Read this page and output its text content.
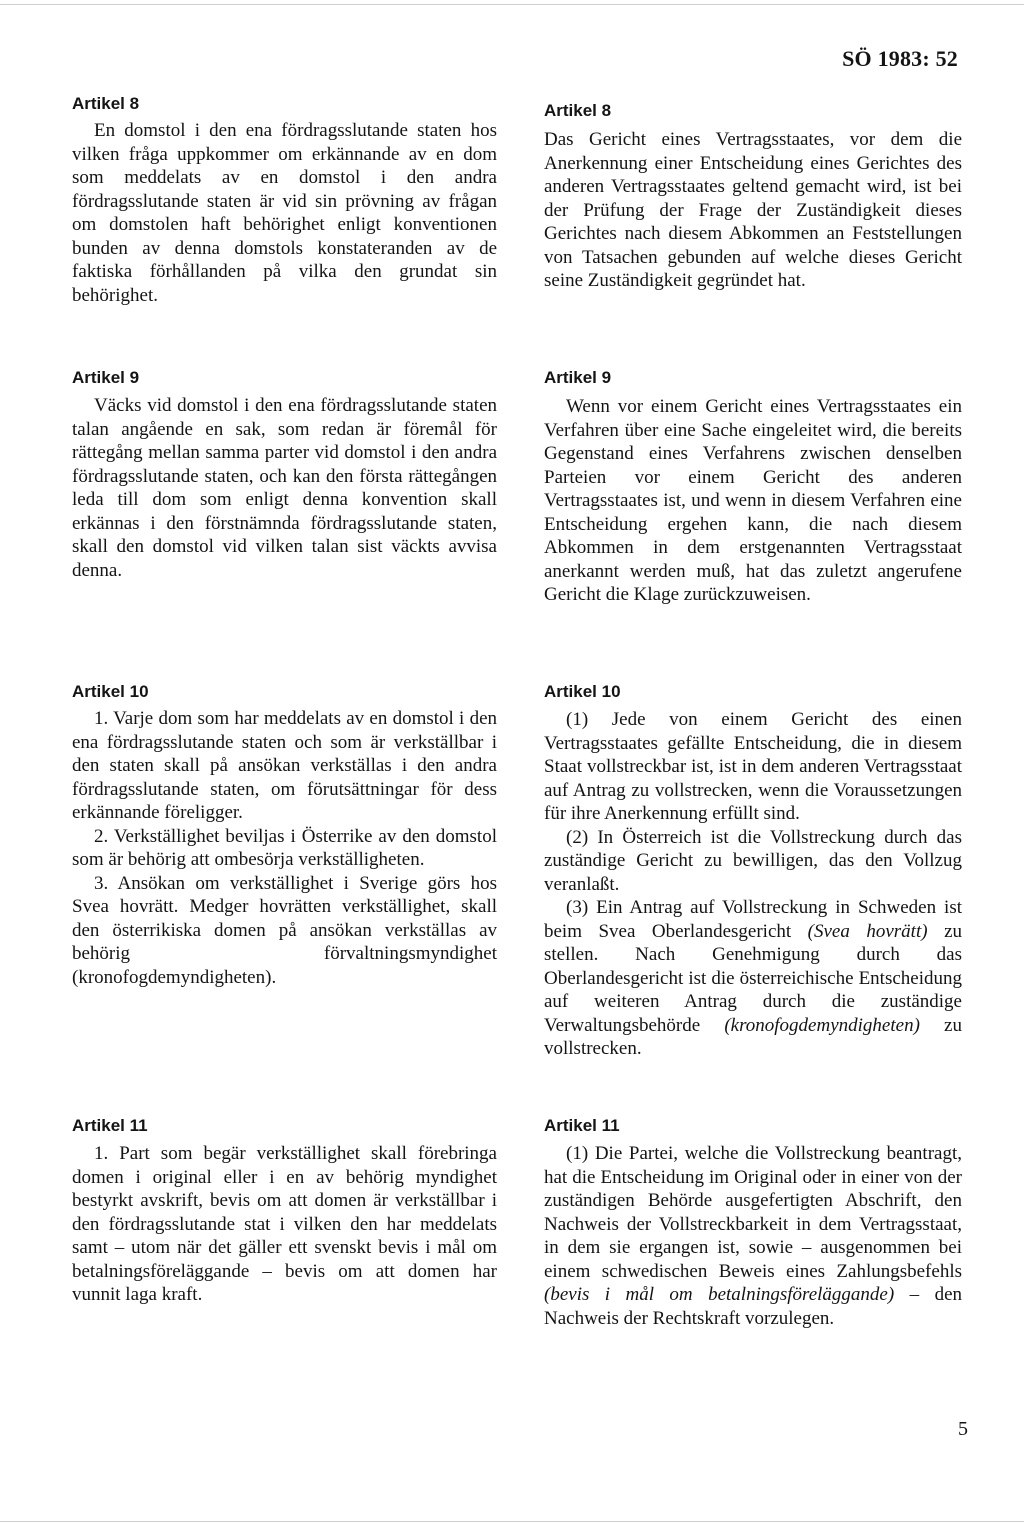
SÖ 1983: 52
Artikel 8

En domstol i den ena fördragsslutande staten hos vilken fråga uppkommer om erkännande av en dom som meddelats av en domstol i den andra fördragsslutande staten är vid sin prövning av frågan om domstolen haft behörighet enligt konventionen bunden av denna domstols konstateranden av de faktiska förhållanden på vilka den grundat sin behörighet.

Artikel 9

Väcks vid domstol i den ena fördragsslutande staten talan angående en sak, som redan är föremål för rättegång mellan samma parter vid domstol i den andra fördragsslutande staten, och kan den första rättegången leda till dom som enligt denna konvention skall erkännas i den förstnämnda fördragsslutande staten, skall den domstol vid vilken talan sist väckts avvisa denna.

Artikel 10
1. Varje dom som har meddelats av en domstol i den ena fördragsslutande staten och som är verkställbar i den staten skall på ansökan verkställas i den andra fördragsslutande staten, om förutsättningar för dess erkännande föreligger.
2. Verkställighet beviljas i Österrike av den domstol som är behörig att ombesörja verkställigheten.
3. Ansökan om verkställighet i Sverige görs hos Svea hovrätt. Medger hovrätten verkställighet, skall den österrikiska domen på ansökan verkställas av behörig förvaltningsmyndighet (kronofogdemyndigheten).
Artikel 11

1. Part som begär verkställighet skall förebringa domen i original eller i en av behörig myndighet bestyrkt avskrift, bevis om att domen är verkställbar i den fördragsslutande stat i vilken den har meddelats samt – utom när det gäller ett svenskt bevis i mål om betalningsföreläggande – bevis om att domen har vunnit laga kraft.

Artikel 8

Das Gericht eines Vertragsstaates, vor dem die Anerkennung einer Entscheidung eines Gerichtes des anderen Vertragsstaates geltend gemacht wird, ist bei der Prüfung der Frage der Zuständigkeit dieses Gerichtes nach diesem Abkommen an Feststellungen von Tatsachen gebunden auf welche dieses Gericht seine Zuständigkeit gegründet hat.

Artikel 9

Wenn vor einem Gericht eines Vertragsstaates ein Verfahren über eine Sache eingeleitet wird, die bereits Gegenstand eines Verfahrens zwischen denselben Parteien vor einem Gericht des anderen Vertragsstaates ist, und wenn in diesem Verfahren eine Entscheidung ergehen kann, die nach diesem Abkommen in dem erstgenannten Vertragsstaat anerkannt werden muß, hat das zuletzt angerufene Gericht die Klage zurückzuweisen.

Artikel 10
(1) Jede von einem Gericht des einen Vertragsstaates gefällte Entscheidung, die in diesem Staat vollstreckbar ist, ist in dem anderen Vertragsstaat auf Antrag zu vollstrecken, wenn die Voraussetzungen für ihre Anerkennung erfüllt sind.
(2) In Österreich ist die Vollstreckung durch das zuständige Gericht zu bewilligen, das den Vollzug veranlaßt.
(3) Ein Antrag auf Vollstreckung in Schweden ist beim Svea Oberlandesgericht (Svea hovrätt) zu stellen. Nach Genehmigung durch das Oberlandesgericht ist die österreichische Entscheidung auf weiteren Antrag durch die zuständige Verwaltungsbehörde (kronofogdemyndigheten) zu vollstrecken.
Artikel 11

(1) Die Partei, welche die Vollstreckung beantragt, hat die Entscheidung im Original oder in einer von der zuständigen Behörde ausgefertigten Abschrift, den Nachweis der Vollstreckbarkeit in dem Vertragsstaat, in dem sie ergangen ist, sowie – ausgenommen bei einem schwedischen Beweis eines Zahlungsbefehls (bevis i mål om betalningsföreläggande) – den Nachweis der Rechtskraft vorzulegen.

5
